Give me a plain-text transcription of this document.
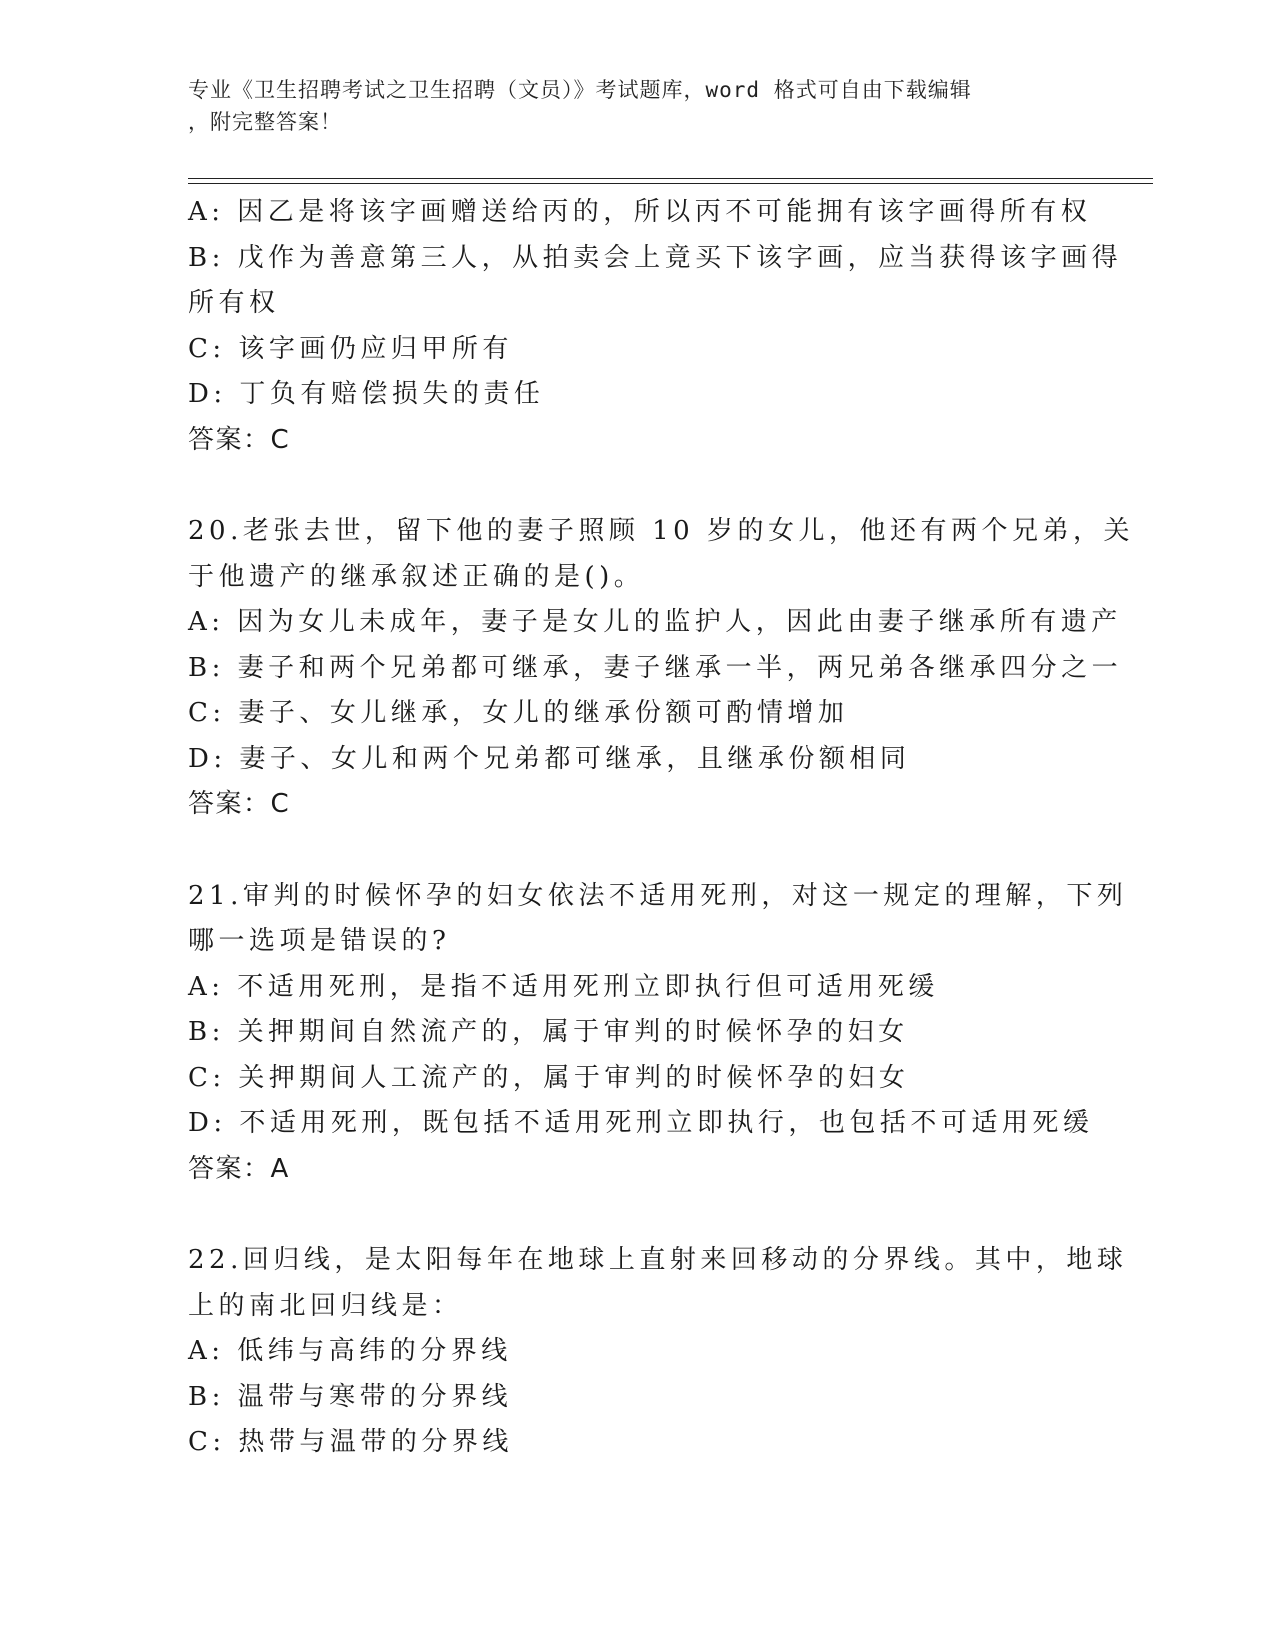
专业《卫生招聘考试之卫生招聘（文员）》考试题库，word 格式可自由下载编辑
，附完整答案！
A: 因乙是将该字画赠送给丙的，所以丙不可能拥有该字画得所有权
B: 戊作为善意第三人，从拍卖会上竟买下该字画，应当获得该字画得
所有权
C: 该字画仍应归甲所有
D: 丁负有赔偿损失的责任
答案：C
20.老张去世，留下他的妻子照顾 10 岁的女儿，他还有两个兄弟，关
于他遗产的继承叙述正确的是()。
A: 因为女儿未成年，妻子是女儿的监护人，因此由妻子继承所有遗产
B: 妻子和两个兄弟都可继承，妻子继承一半，两兄弟各继承四分之一
C: 妻子、女儿继承，女儿的继承份额可酌情增加
D: 妻子、女儿和两个兄弟都可继承，且继承份额相同
答案：C
21.审判的时候怀孕的妇女依法不适用死刑，对这一规定的理解，下列
哪一选项是错误的?
A: 不适用死刑，是指不适用死刑立即执行但可适用死缓
B: 关押期间自然流产的，属于审判的时候怀孕的妇女
C: 关押期间人工流产的，属于审判的时候怀孕的妇女
D: 不适用死刑，既包括不适用死刑立即执行，也包括不可适用死缓
答案：A
22.回归线，是太阳每年在地球上直射来回移动的分界线。其中，地球
上的南北回归线是：
A: 低纬与高纬的分界线
B: 温带与寒带的分界线
C: 热带与温带的分界线
